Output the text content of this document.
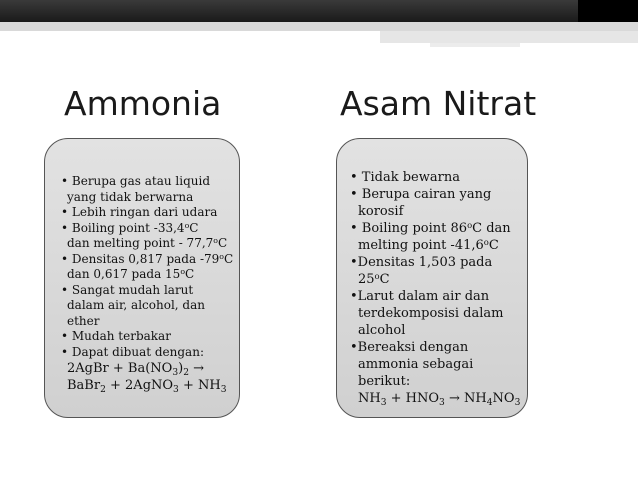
Ammonia	Asam Nitrat
• Berupa gas atau liquid
yang tidak berwarna
• Lebih ringan dari udara
• Boiling point -33,4$^o$C
dan melting point - 77,7$^o$C
• Densitas 0,817 pada -79$^o$C
dan 0,617 pada 15$^o$C
• Sangat mudah larut
dalam air, alcohol, dan
ether
• Mudah terbakar
• Dapat dibuat dengan:
2AgBr + $Ba(NO_3)_2$ →
BaBr$_2$ + 2AgNO$_3$ + $NH_3$
• Tidak bewarna
• Berupa cairan yang
korosif
• Boiling point 86$^o$C dan
melting point -41,6$^o$C
•Densitas 1,503 pada
25$^o$C
•Larut dalam air dan
terdekomposisi dalam
alcohol
•Bereaksi dengan
ammonia sebagai
berikut:
$NH_3 + HNO_3 \to NH_4NO_3$
